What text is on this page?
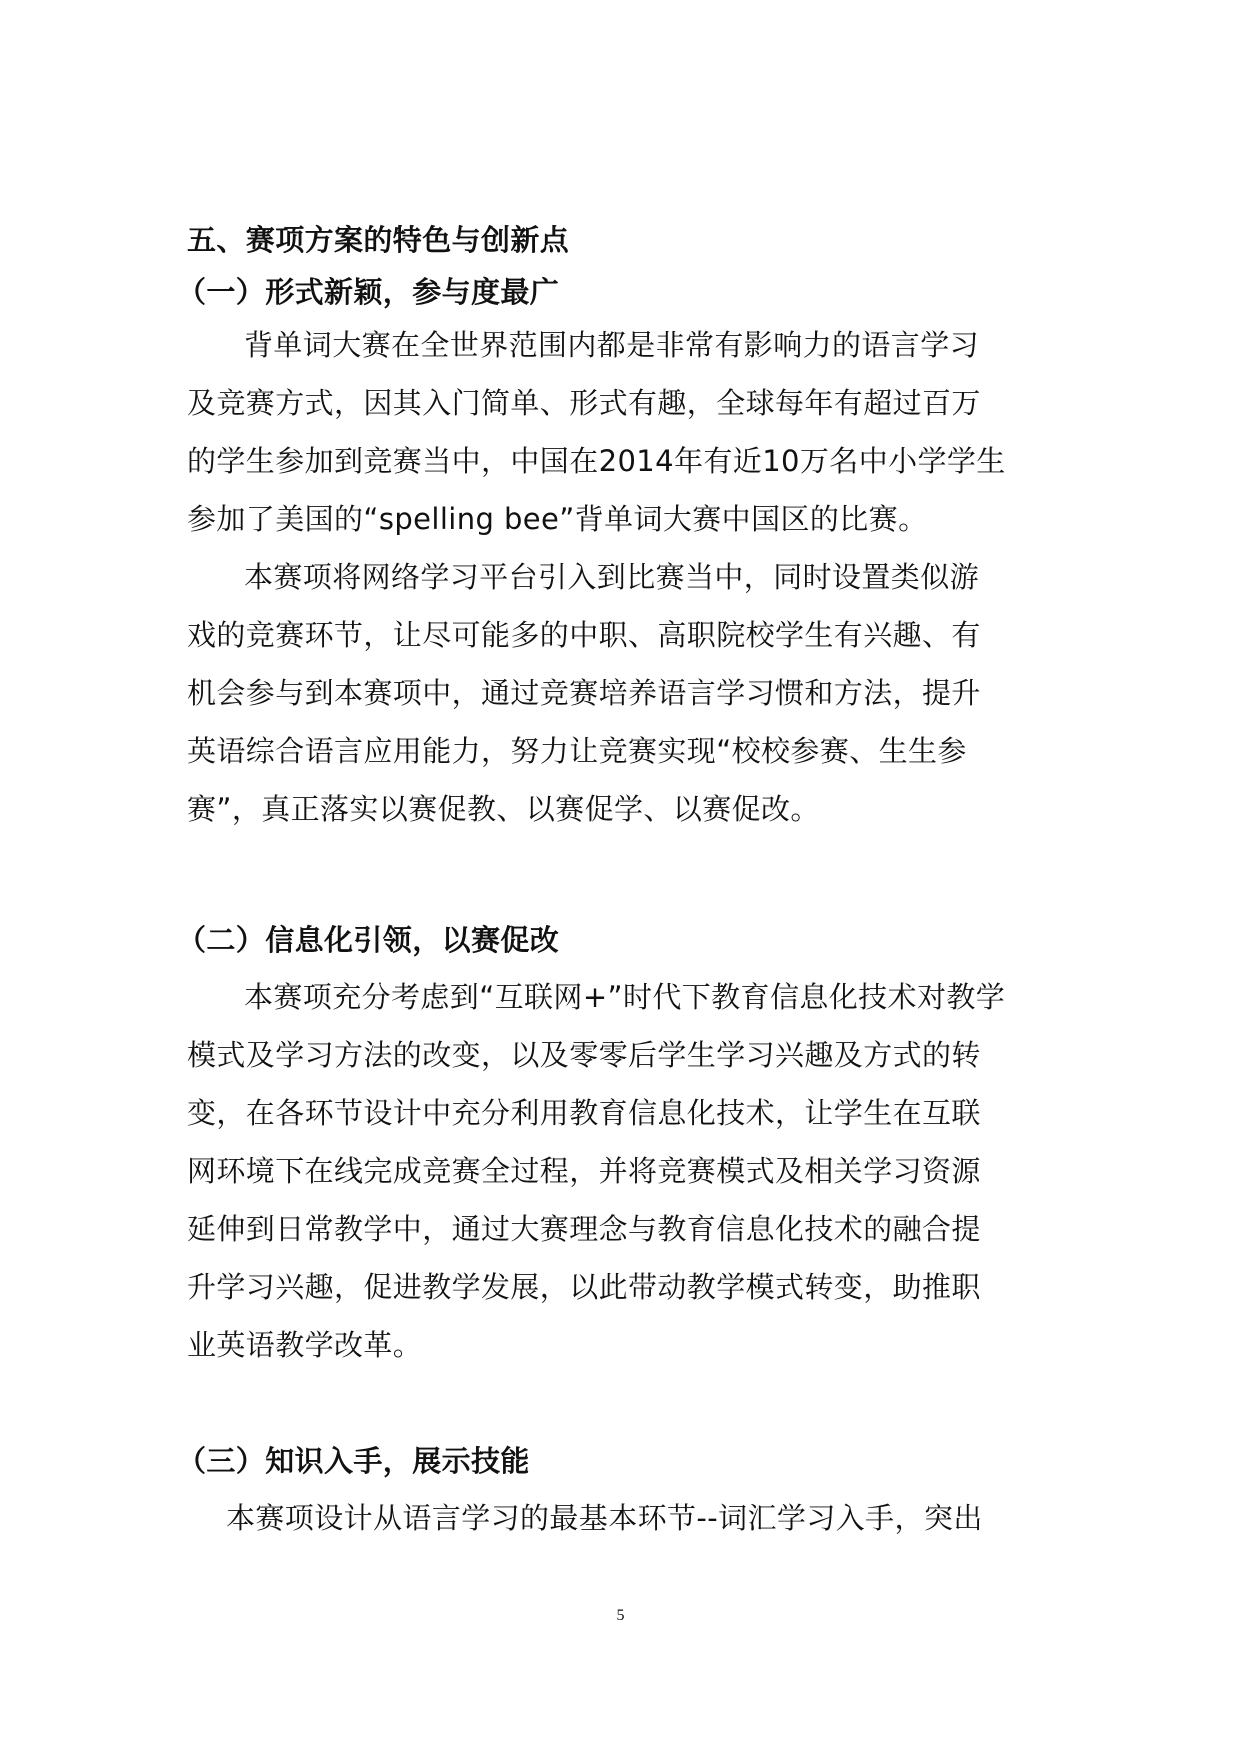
五、赛项方案的特色与创新点
（一）形式新颖，参与度最广
背单词大赛在全世界范围内都是非常有影响力的语言学习
及竞赛方式，因其入门简单、形式有趣，全球每年有超过百万
的学生参加到竞赛当中，中国在2014年有近10万名中小学学生
参加了美国的“spelling bee”背单词大赛中国区的比赛。
本赛项将网络学习平台引入到比赛当中，同时设置类似游
戏的竞赛环节，让尽可能多的中职、高职院校学生有兴趣、有
机会参与到本赛项中，通过竞赛培养语言学习惯和方法，提升
英语综合语言应用能力，努力让竞赛实现“校校参赛、生生参
赛”，真正落实以赛促教、以赛促学、以赛促改。
（二）信息化引领，以赛促改
本赛项充分考虑到“互联网+”时代下教育信息化技术对教学
模式及学习方法的改变，以及零零后学生学习兴趣及方式的转
变，在各环节设计中充分利用教育信息化技术，让学生在互联
网环境下在线完成竞赛全过程，并将竞赛模式及相关学习资源
延伸到日常教学中，通过大赛理念与教育信息化技术的融合提
升学习兴趣，促进教学发展，以此带动教学模式转变，助推职
业英语教学改革。
（三）知识入手，展示技能
本赛项设计从语言学习的最基本环节--词汇学习入手，突出
5
